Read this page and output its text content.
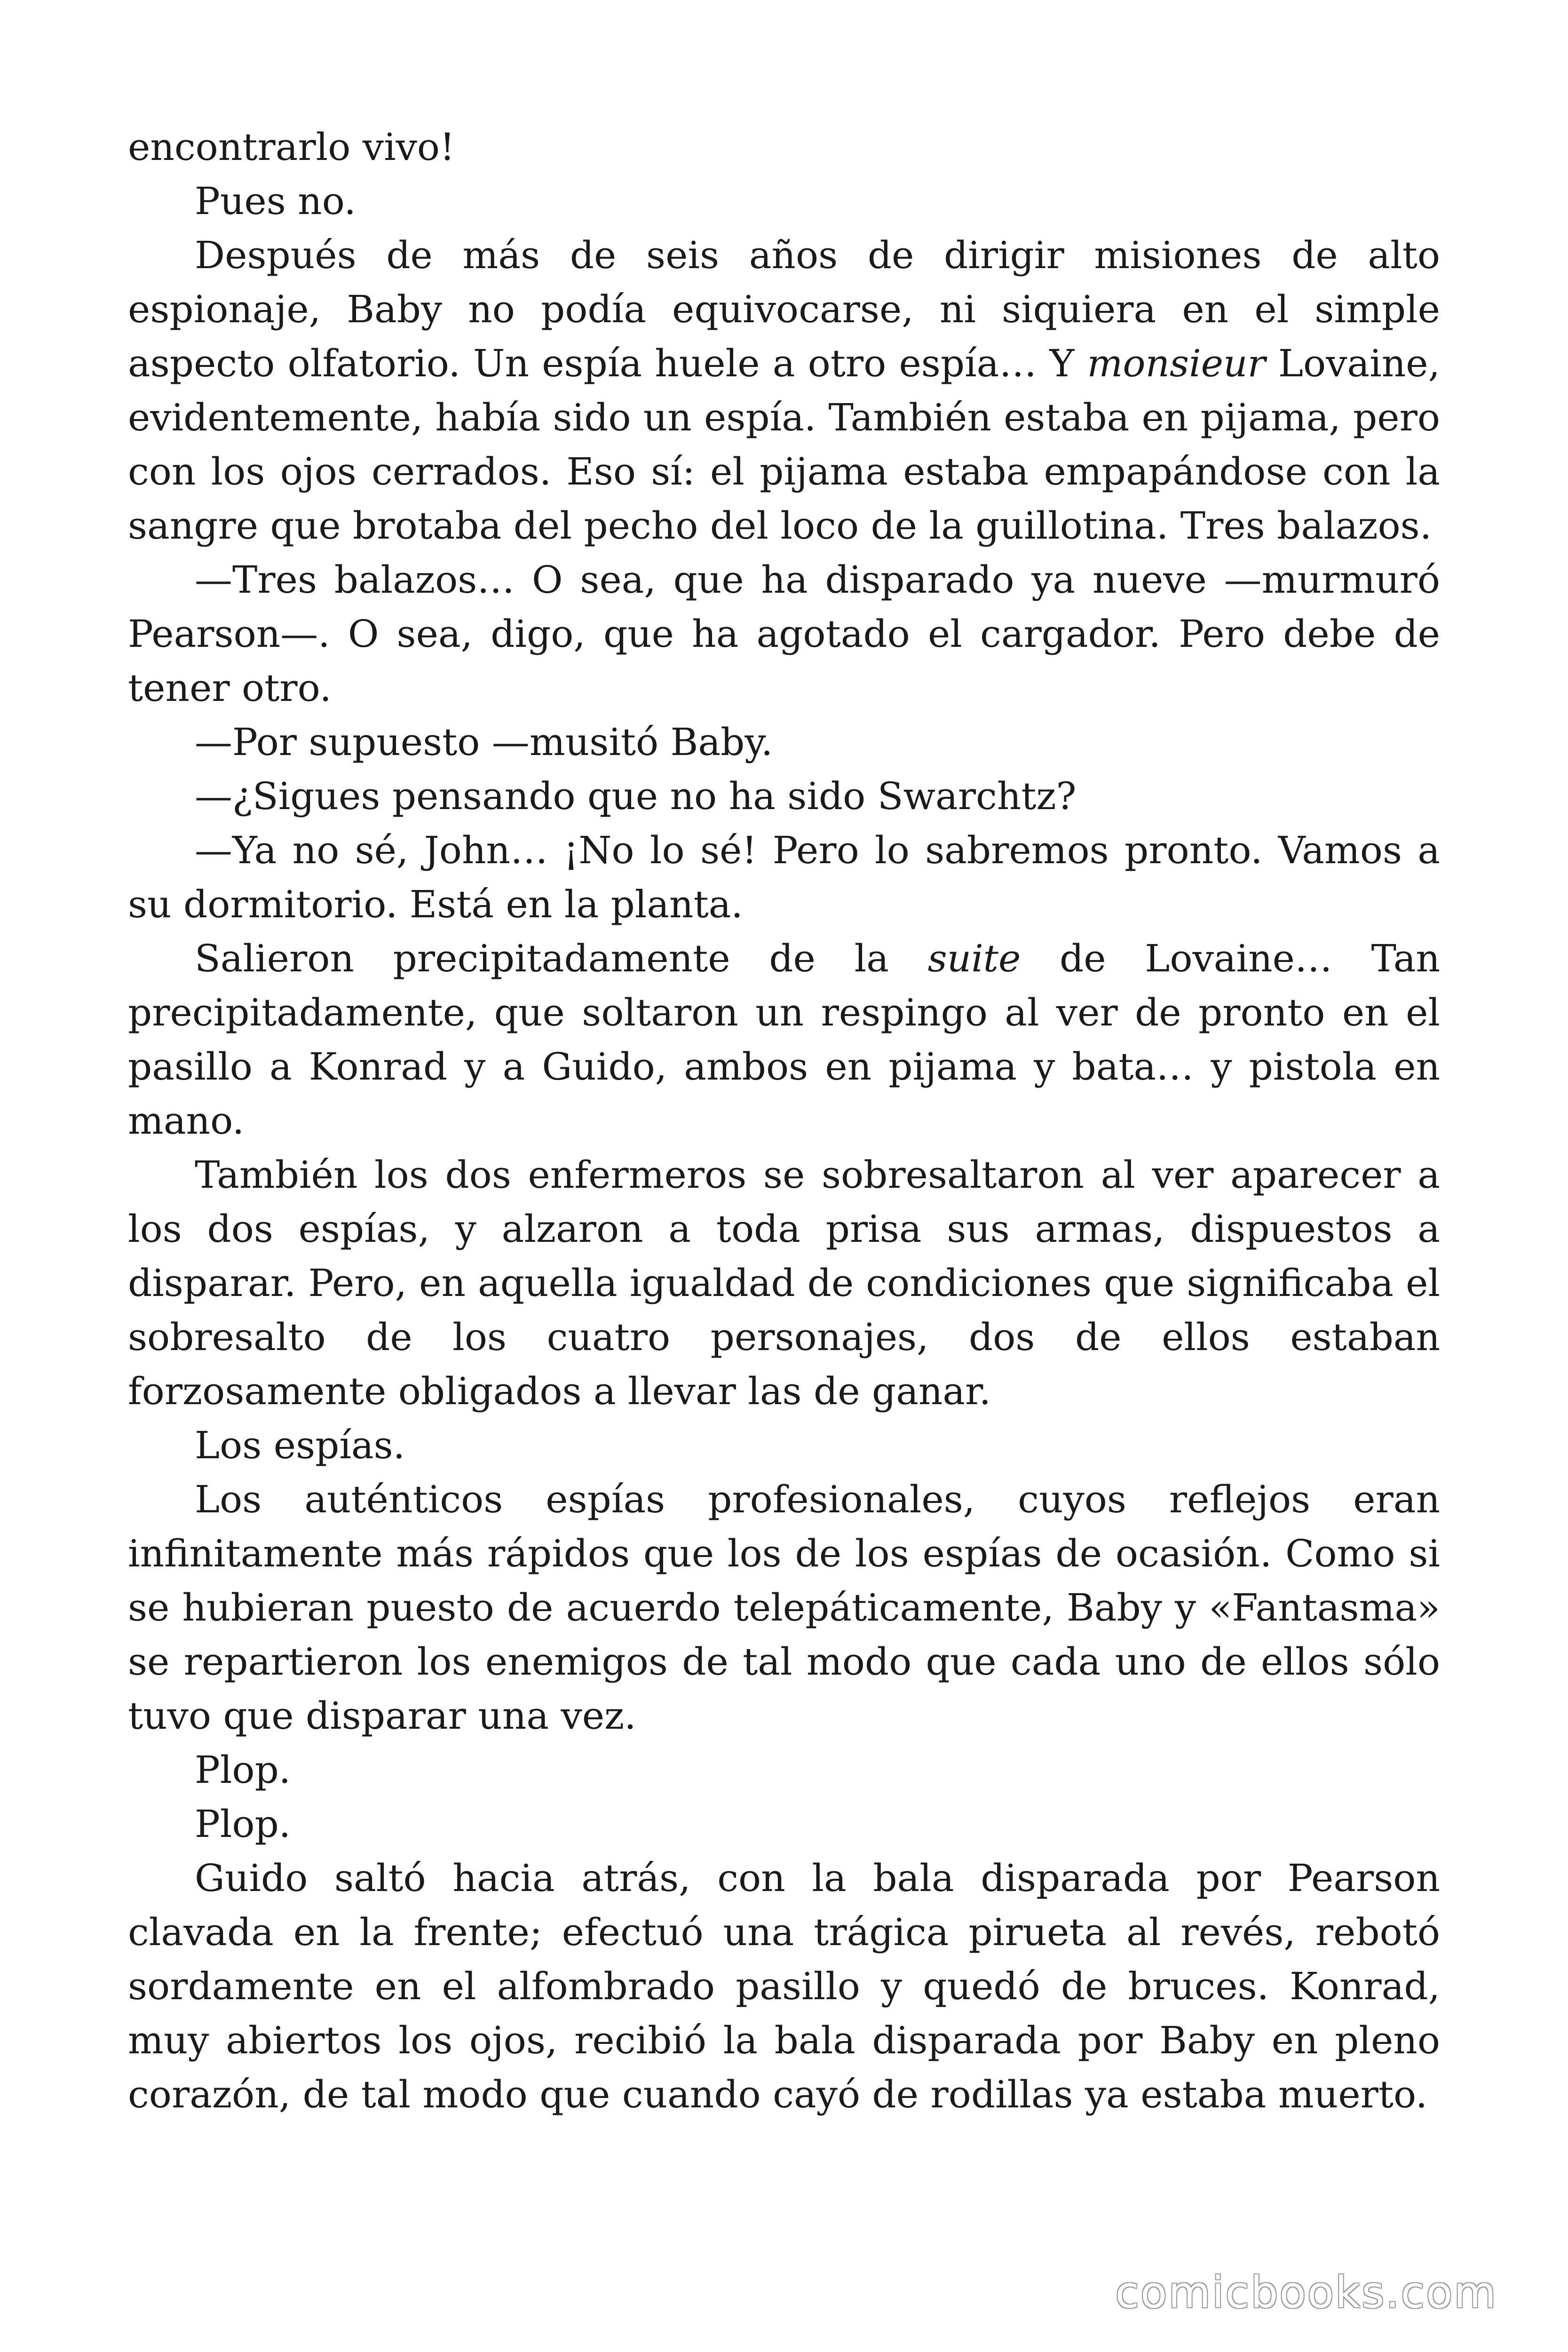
encontrarlo vivo!

Pues no.

Después de más de seis años de dirigir misiones de alto espionaje, Baby no podía equivocarse, ni siquiera en el simple aspecto olfatorio. Un espía huele a otro espía… Y monsieur Lovaine, evidentemente, había sido un espía. También estaba en pijama, pero con los ojos cerrados. Eso sí: el pijama estaba empapándose con la sangre que brotaba del pecho del loco de la guillotina. Tres balazos.

—Tres balazos… O sea, que ha disparado ya nueve —murmuró Pearson—. O sea, digo, que ha agotado el cargador. Pero debe de tener otro.

—Por supuesto —musitó Baby.

—¿Sigues pensando que no ha sido Swarchtz?

—Ya no sé, John… ¡No lo sé! Pero lo sabremos pronto. Vamos a su dormitorio. Está en la planta.

Salieron precipitadamente de la suite de Lovaine… Tan precipitadamente, que soltaron un respingo al ver de pronto en el pasillo a Konrad y a Guido, ambos en pijama y bata… y pistola en mano.

También los dos enfermeros se sobresaltaron al ver aparecer a los dos espías, y alzaron a toda prisa sus armas, dispuestos a disparar. Pero, en aquella igualdad de condiciones que significaba el sobresalto de los cuatro personajes, dos de ellos estaban forzosamente obligados a llevar las de ganar.

Los espías.

Los auténticos espías profesionales, cuyos reflejos eran infinitamente más rápidos que los de los espías de ocasión. Como si se hubieran puesto de acuerdo telepáticamente, Baby y «Fantasma» se repartieron los enemigos de tal modo que cada uno de ellos sólo tuvo que disparar una vez.

Plop.

Plop.

Guido saltó hacia atrás, con la bala disparada por Pearson clavada en la frente; efectuó una trágica pirueta al revés, rebotó sordamente en el alfombrado pasillo y quedó de bruces. Konrad, muy abiertos los ojos, recibió la bala disparada por Baby en pleno corazón, de tal modo que cuando cayó de rodillas ya estaba muerto.

comicbooks.com
